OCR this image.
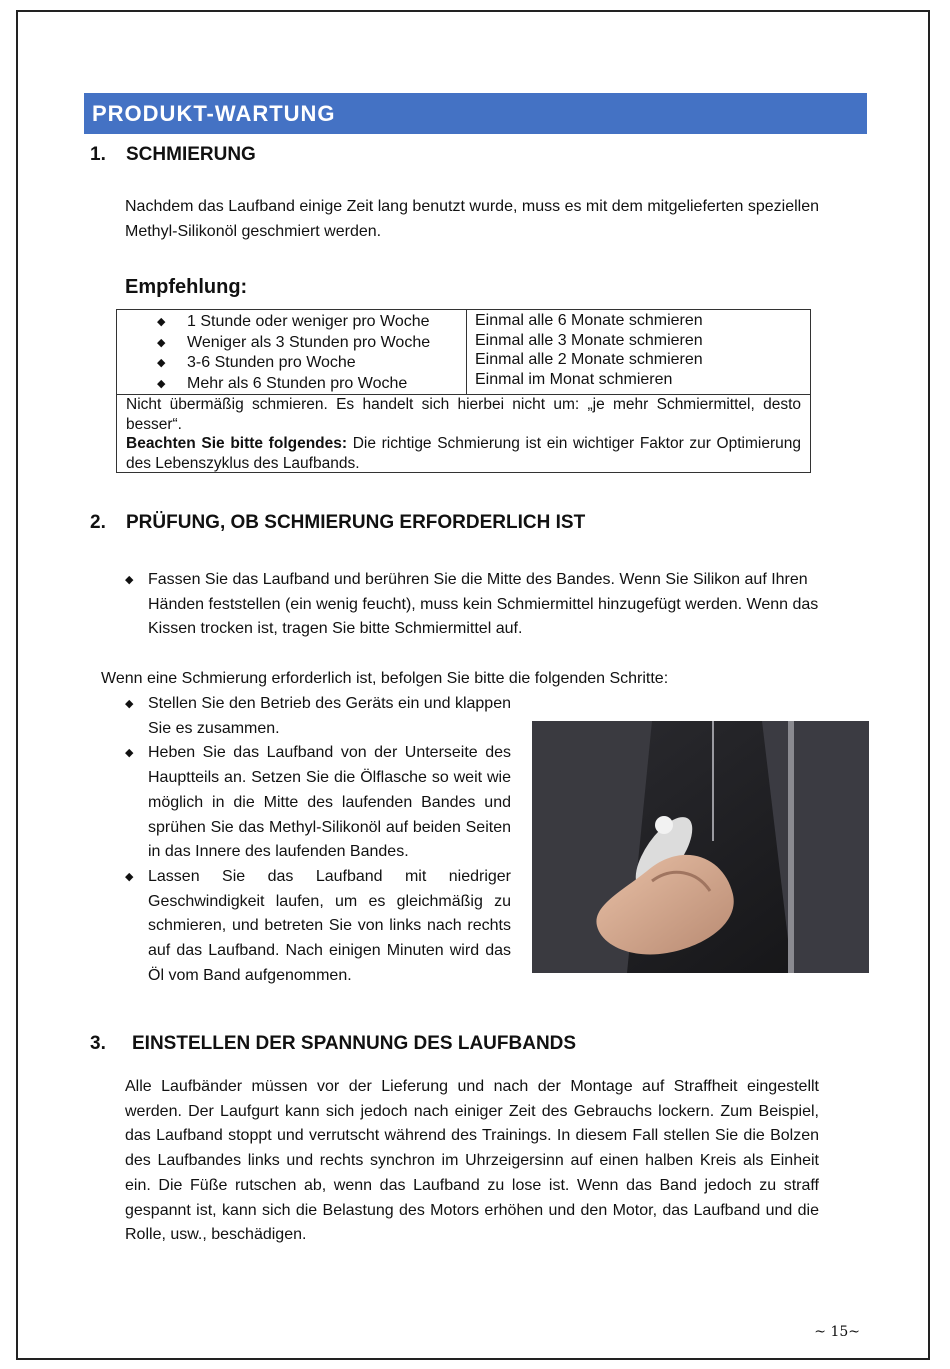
PRODUKT-WARTUNG
1. SCHMIERUNG
Nachdem das Laufband einige Zeit lang benutzt wurde, muss es mit dem mitgelieferten speziellen Methyl-Silikonöl geschmiert werden.
Empfehlung:
◆ 1 Stunde oder weniger pro Woche
◆ Weniger als 3 Stunden pro Woche
◆ 3-6 Stunden pro Woche
◆ Mehr als 6 Stunden pro Woche
Einmal alle 6 Monate schmieren
Einmal alle 3 Monate schmieren
Einmal alle 2 Monate schmieren
Einmal im Monat schmieren
Nicht übermäßig schmieren. Es handelt sich hierbei nicht um: „je mehr Schmiermittel, desto besser“.
Beachten Sie bitte folgendes: Die richtige Schmierung ist ein wichtiger Faktor zur Optimierung des Lebenszyklus des Laufbands.
2. PRÜFUNG, OB SCHMIERUNG ERFORDERLICH IST
◆ Fassen Sie das Laufband und berühren Sie die Mitte des Bandes. Wenn Sie Silikon auf Ihren Händen feststellen (ein wenig feucht), muss kein Schmiermittel hinzugefügt werden. Wenn das Kissen trocken ist, tragen Sie bitte Schmiermittel auf.
Wenn eine Schmierung erforderlich ist, befolgen Sie bitte die folgenden Schritte:
◆ Stellen Sie den Betrieb des Geräts ein und klappen Sie es zusammen.
◆ Heben Sie das Laufband von der Unterseite des Hauptteils an. Setzen Sie die Ölflasche so weit wie möglich in die Mitte des laufenden Bandes und sprühen Sie das Methyl-Silikonöl auf beiden Seiten in das Innere des laufenden Bandes.
◆ Lassen Sie das Laufband mit niedriger Geschwindigkeit laufen, um es gleichmäßig zu schmieren, und betreten Sie von links nach rechts auf das Laufband. Nach einigen Minuten wird das Öl vom Band aufgenommen.
3. EINSTELLEN DER SPANNUNG DES LAUFBANDS
Alle Laufbänder müssen vor der Lieferung und nach der Montage auf Straffheit eingestellt werden. Der Laufgurt kann sich jedoch nach einiger Zeit des Gebrauchs lockern. Zum Beispiel, das Laufband stoppt und verrutscht während des Trainings. In diesem Fall stellen Sie die Bolzen des Laufbandes links und rechts synchron im Uhrzeigersinn auf einen halben Kreis als Einheit ein. Die Füße rutschen ab, wenn das Laufband zu lose ist. Wenn das Band jedoch zu straff gespannt ist, kann sich die Belastung des Motors erhöhen und den Motor, das Laufband und die Rolle, usw., beschädigen.
~ 15~
